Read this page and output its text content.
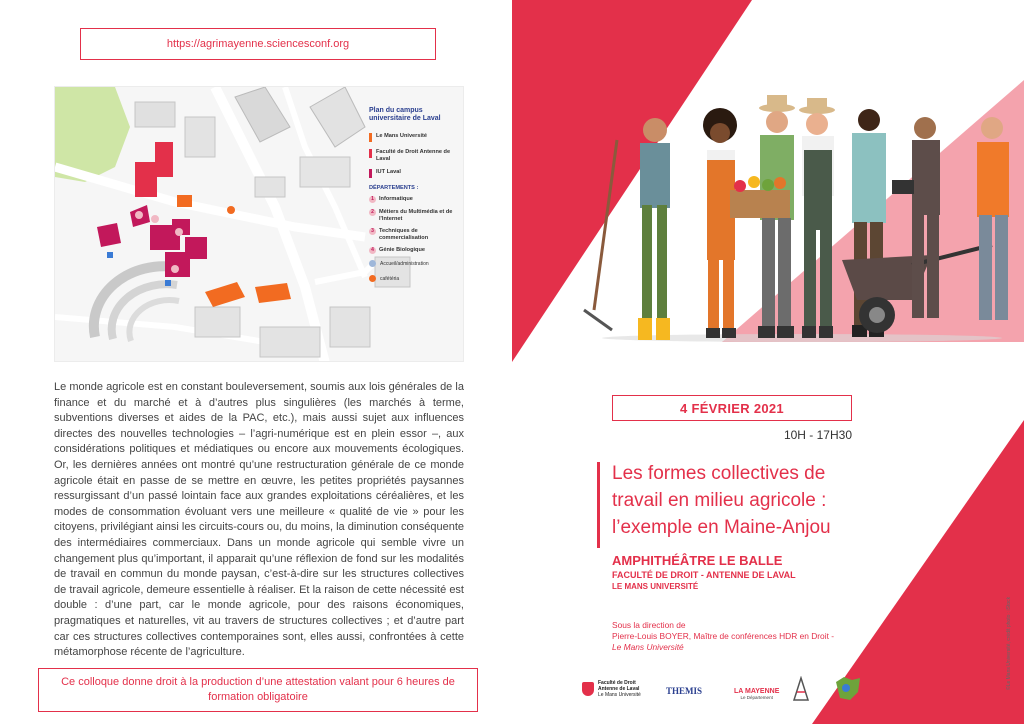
https://agrimayenne.sciencesconf.org
Plan du campus universitaire de Laval
Le Mans Université
Faculté de Droit Antenne de Laval
IUT Laval
DÉPARTEMENTS :
1 Informatique
2 Métiers du Multimédia et de l'Internet
3 Techniques de commercialisation
4 Génie Biologique
Accueil/administration
cafétéria

Le monde agricole est en constant bouleversement, soumis aux lois générales de la finance et du marché et à d’autres plus singulières (les marchés à terme, subventions diverses et aides de la PAC, etc.), mais aussi sujet aux influences directes des nouvelles technologies – l’agri-numérique est en plein essor –, aux considérations politiques et médiatiques ou encore aux mouvements écologiques. Or, les dernières années ont montré qu’une restructuration générale de ce monde agricole était en passe de se mettre en œuvre, les petites propriétés paysannes ressurgissant d’un passé lointain face aux grandes exploitations céréalières, et les modes de consommation évoluant vers une meilleure « qualité de vie » pour les citoyens, privilégiant ainsi les circuits-cours ou, du moins, la diminution conséquente des intermédiaires commerciaux. Dans un monde agricole qui semble vivre un changement plus qu’important, il apparait qu’une réflexion de fond sur les modalités de travail en commun du monde paysan, c’est-à-dire sur les structures collectives de travail agricole, demeure essentielle à réaliser. Et la raison de cette nécessité est double : d’une part, car le monde agricole, pour des raisons économiques, pragmatiques et naturelles, vit au travers de structures collectives ; et d’autre part car ces structures collectives contemporaines sont, elles aussi, confrontées à cette métamorphose récente de l’agriculture.

Ce colloque donne droit à la production d’une attestation valant pour 6 heures de formation obligatoire
4 FÉVRIER 2021
10H - 17H30
Les formes collectives de
travail en milieu agricole :
l’exemple en Maine-Anjou
AMPHITHÉÂTRE LE BALLE
FACULTÉ DE DROIT - ANTENNE DE LAVAL
LE MANS UNIVERSITÉ
Sous la direction de
Pierre-Louis BOYER, Maître de conférences HDR en Droit -
Le Mans Université	©Le Mans Université, crédit photo : iStock
Faculté de Droit
Antenne de Laval
Le Mans Université	THEMIS	LA MAYENNE
Le Département
